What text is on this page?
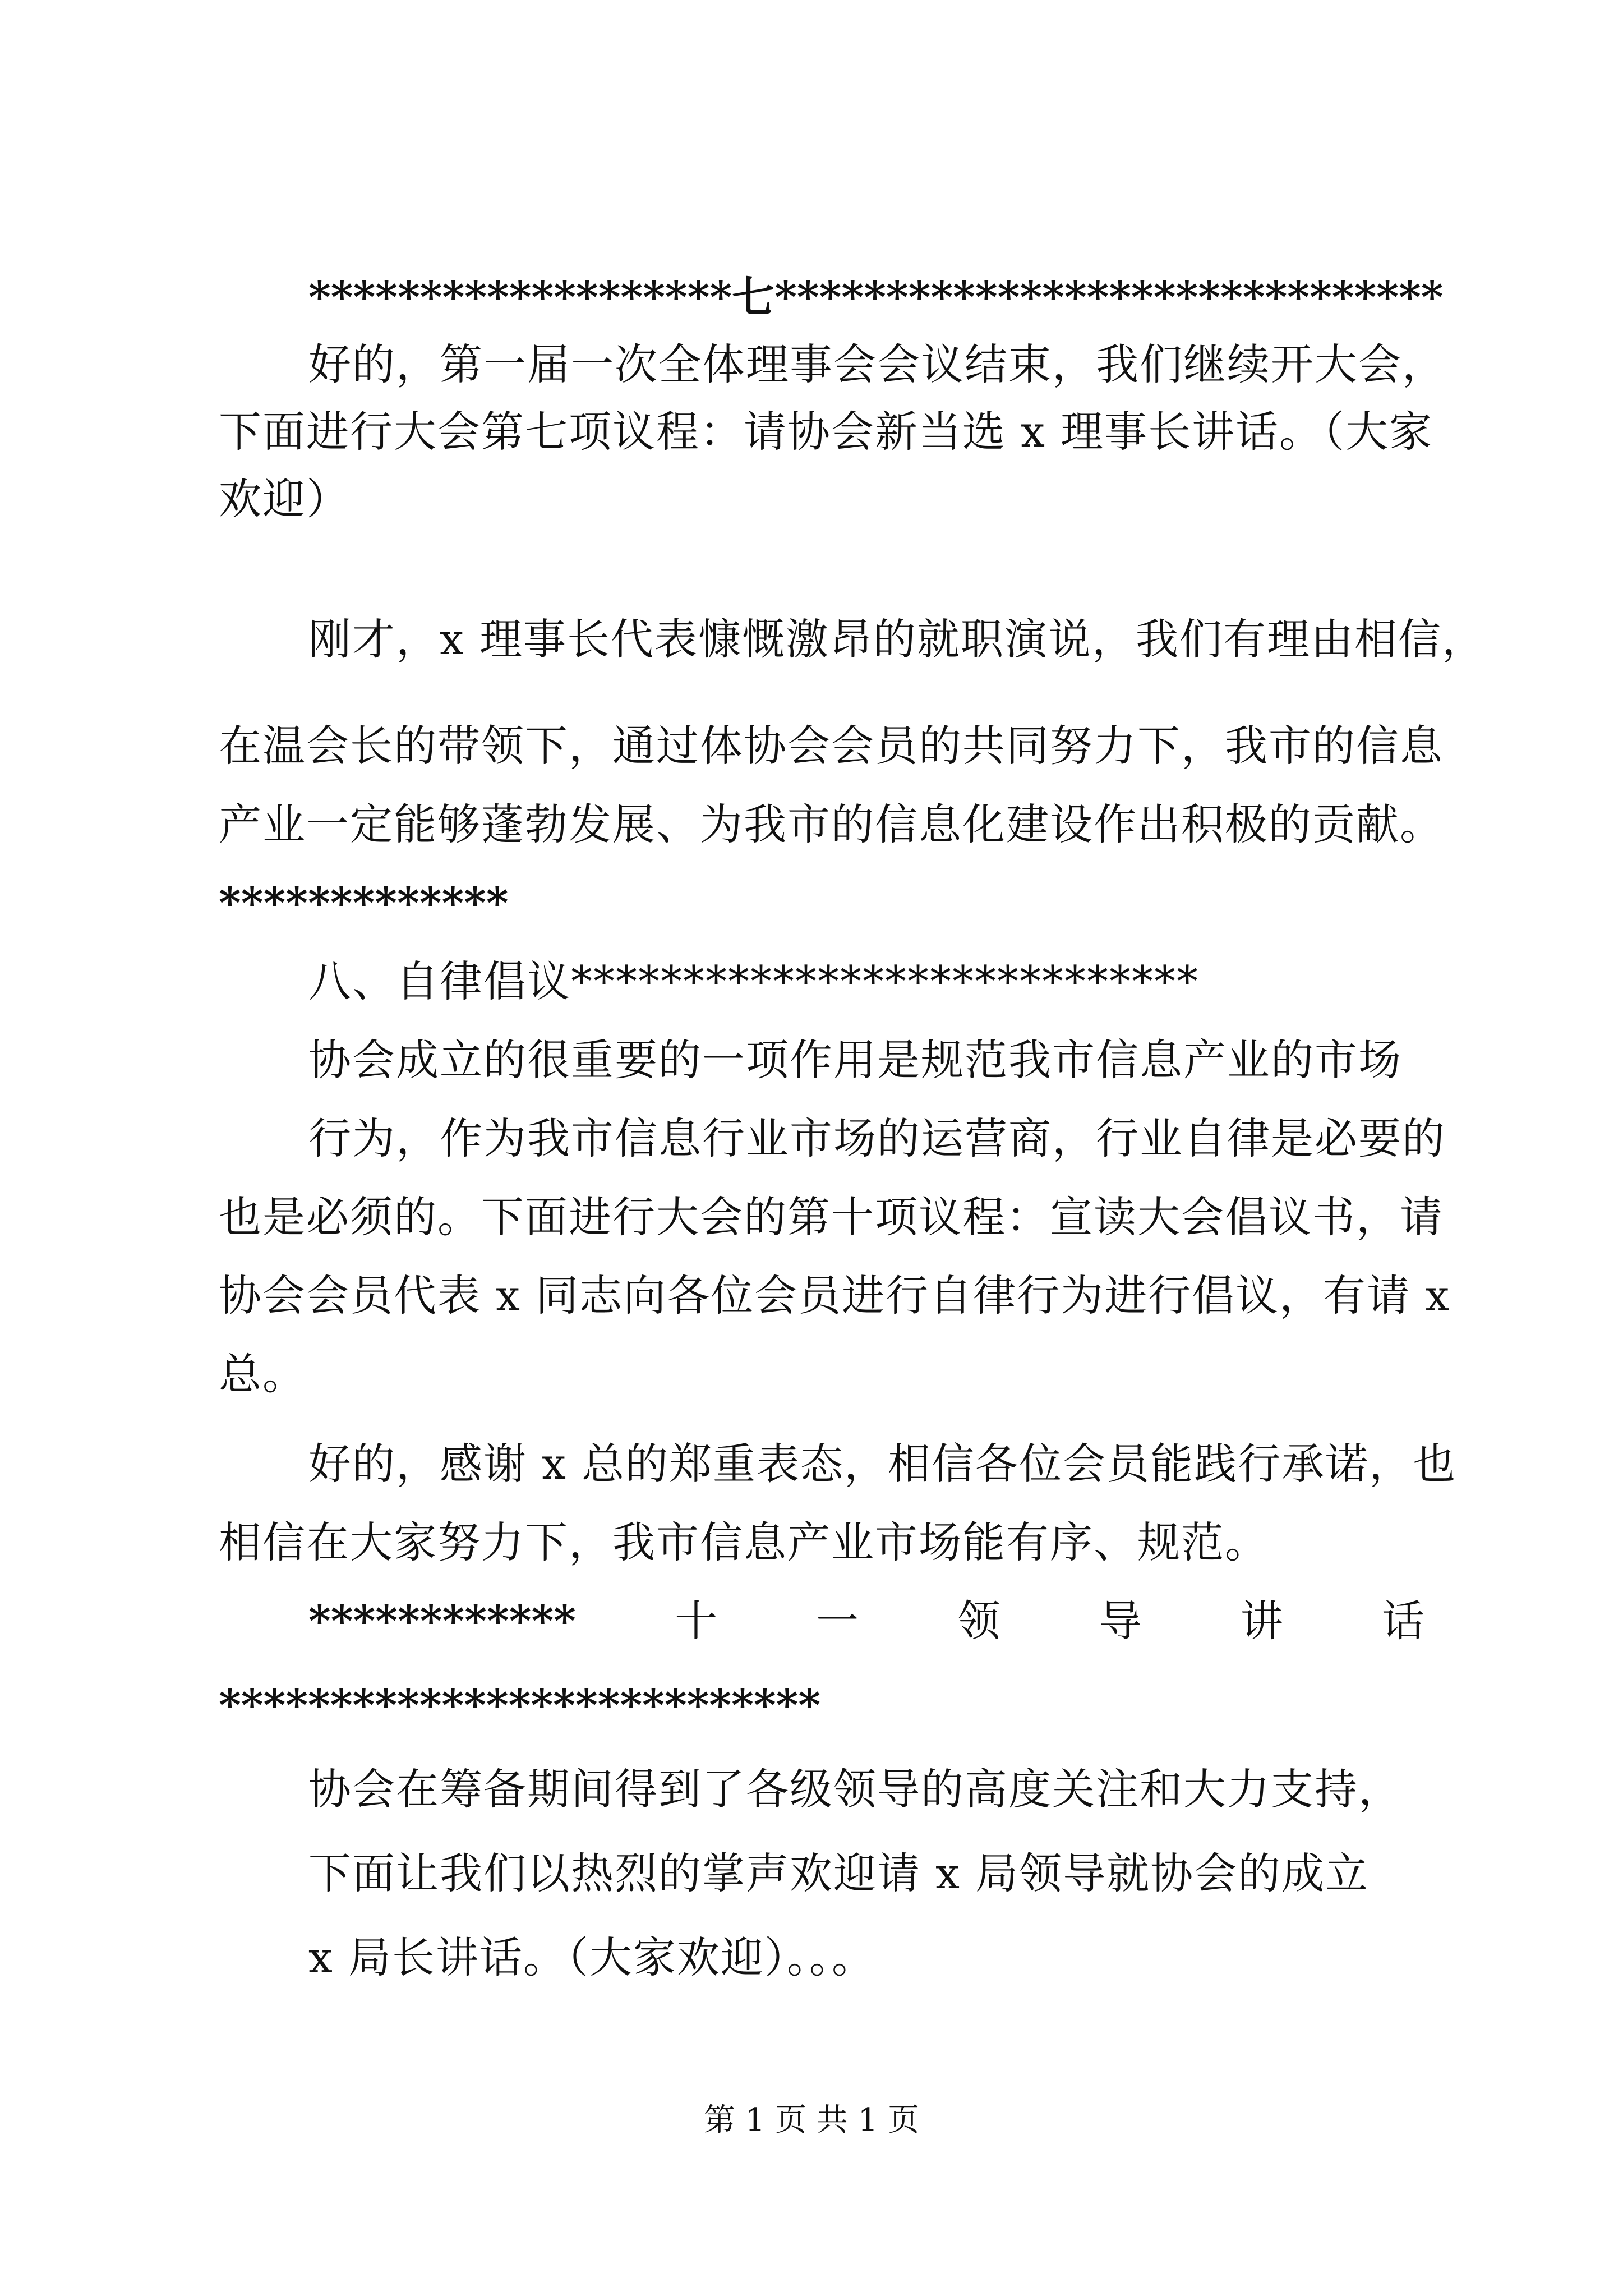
*******************七******************************
好的，第一届一次全体理事会会议结束，我们继续开大会，
下面进行大会第七项议程：请协会新当选 x 理事长讲话。（大家
欢迎）
刚才，x 理事长代表慷慨激昂的就职演说，我们有理由相信，
在温会长的带领下，通过体协会会员的共同努力下，我市的信息
产业一定能够蓬勃发展、为我市的信息化建设作出积极的贡献。
*************
八、自律倡议****************************
协会成立的很重要的一项作用是规范我市信息产业的市场
行为，作为我市信息行业市场的运营商，行业自律是必要的
也是必须的。下面进行大会的第十项议程：宣读大会倡议书，请
协会会员代表 x 同志向各位会员进行自律行为进行倡议，有请 x
总。
好的，感谢 x 总的郑重表态，相信各位会员能践行承诺，也
相信在大家努力下，我市信息产业市场能有序、规范。
************ 十 一 领 导 讲 话
***************************
协会在筹备期间得到了各级领导的高度关注和大力支持，
下面让我们以热烈的掌声欢迎请 x 局领导就协会的成立
x 局长讲话。（大家欢迎）。。。
第 1 页 共 1 页
